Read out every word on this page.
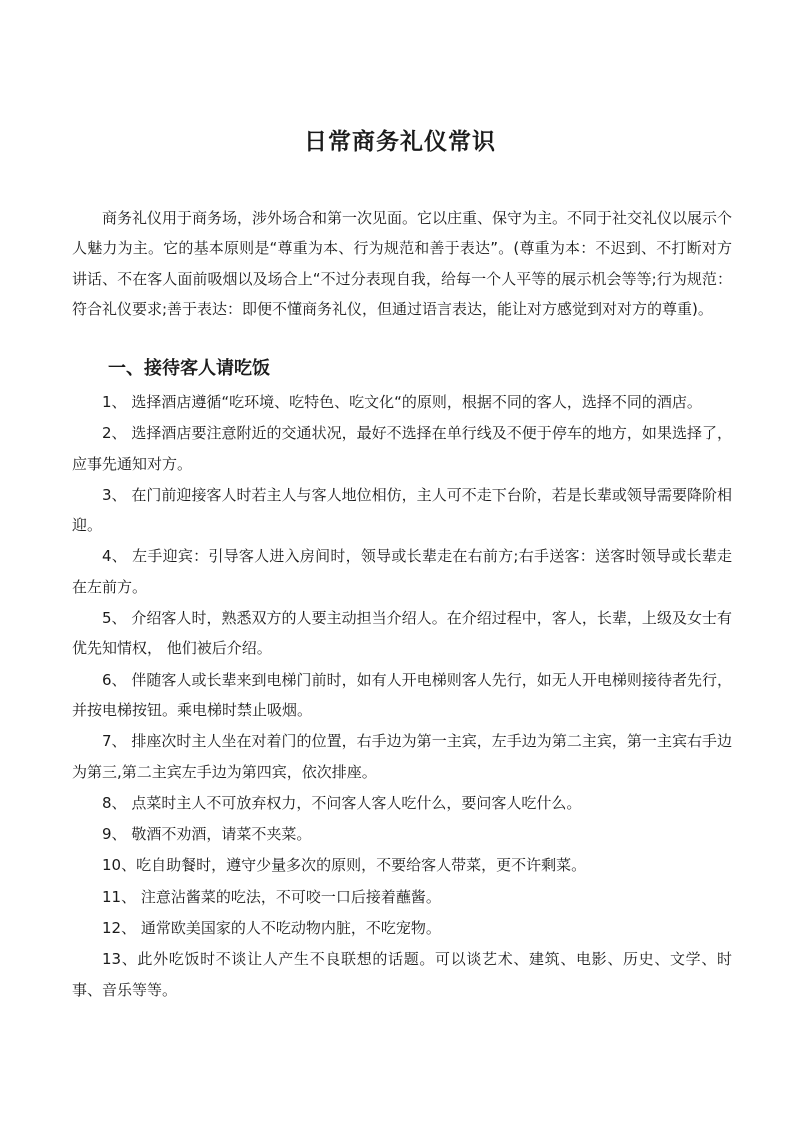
日常商务礼仪常识

商务礼仪用于商务场，涉外场合和第一次见面。它以庄重、保守为主。不同于社交礼仪以展示个人魅力为主。它的基本原则是“尊重为本、行为规范和善于表达”。(尊重为本：不迟到、不打断对方讲话、不在客人面前吸烟以及场合上“不过分表现自我，给每一个人平等的展示机会等等;行为规范：符合礼仪要求;善于表达：即便不懂商务礼仪，但通过语言表达，能让对方感觉到对对方的尊重)。

一、接待客人请吃饭
1、 选择酒店遵循“吃环境、吃特色、吃文化“的原则，根据不同的客人，选择不同的酒店。
2、 选择酒店要注意附近的交通状况，最好不选择在单行线及不便于停车的地方，如果选择了，应事先通知对方。
3、 在门前迎接客人时若主人与客人地位相仿，主人可不走下台阶，若是长辈或领导需要降阶相迎。
4、 左手迎宾：引导客人进入房间时，领导或长辈走在右前方;右手送客：送客时领导或长辈走在左前方。
5、 介绍客人时，熟悉双方的人要主动担当介绍人。在介绍过程中，客人，长辈，上级及女士有优先知情权， 他们被后介绍。
6、 伴随客人或长辈来到电梯门前时，如有人开电梯则客人先行，如无人开电梯则接待者先行，并按电梯按钮。乘电梯时禁止吸烟。
7、 排座次时主人坐在对着门的位置，右手边为第一主宾，左手边为第二主宾，第一主宾右手边为第三,第二主宾左手边为第四宾，依次排座。
8、 点菜时主人不可放弃权力，不问客人客人吃什么，要问客人吃什么。
9、 敬酒不劝酒，请菜不夹菜。
10、吃自助餐时，遵守少量多次的原则，不要给客人带菜，更不许剩菜。
11、 注意沾酱菜的吃法，不可咬一口后接着蘸酱。
12、 通常欧美国家的人不吃动物内脏，不吃宠物。
13、此外吃饭时不谈让人产生不良联想的话题。可以谈艺术、建筑、电影、历史、文学、时事、音乐等等。
